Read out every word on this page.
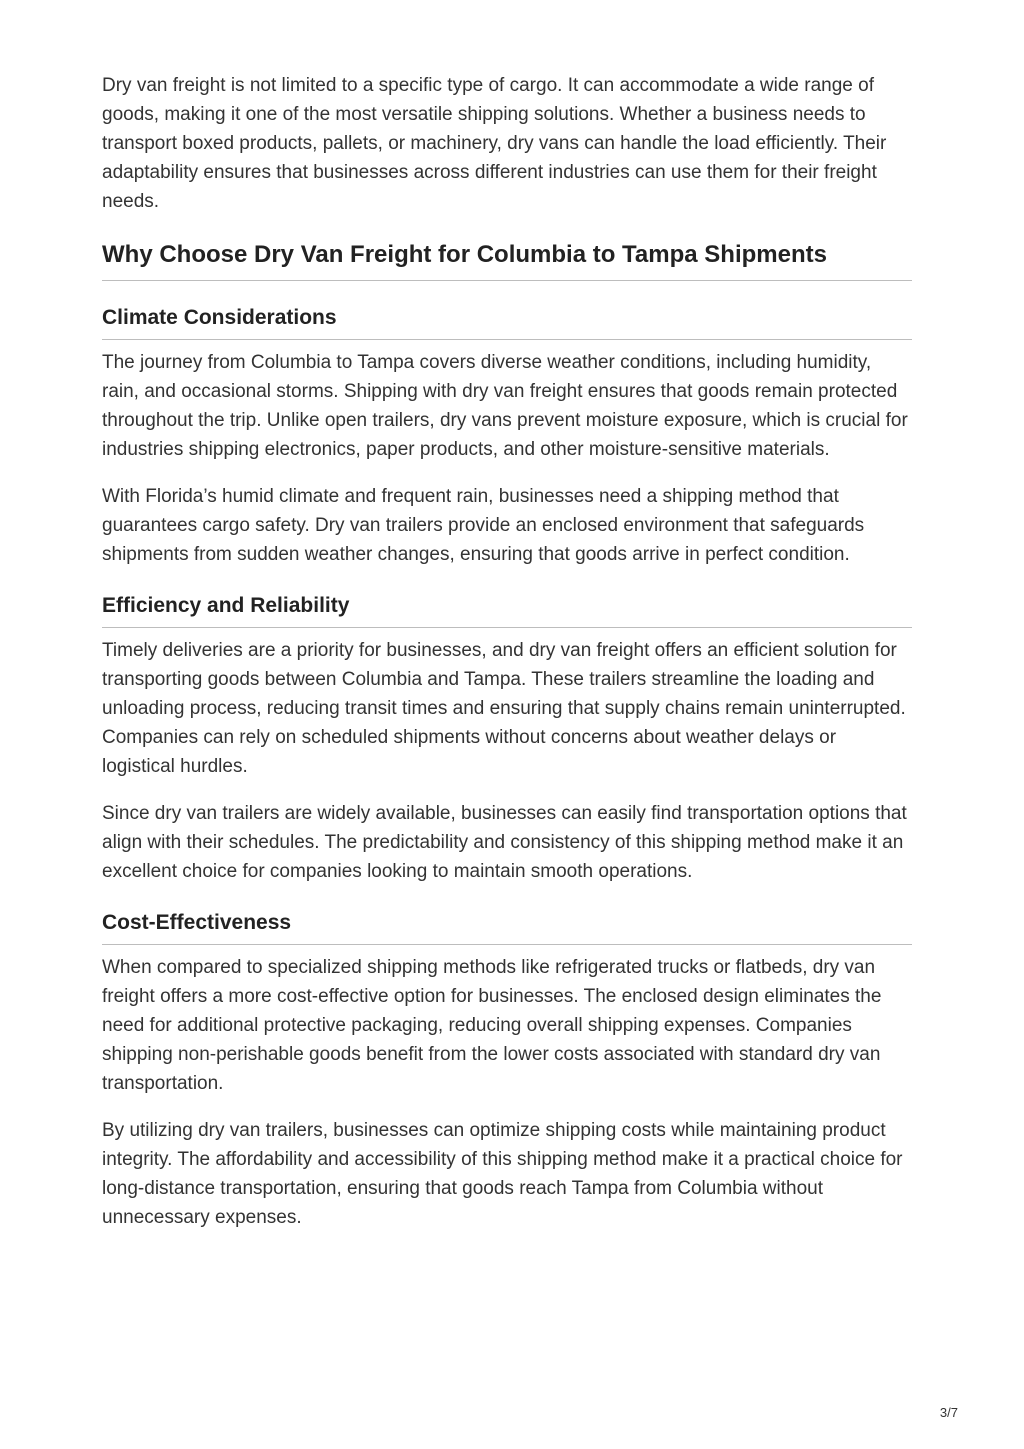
Dry van freight is not limited to a specific type of cargo. It can accommodate a wide range of goods, making it one of the most versatile shipping solutions. Whether a business needs to transport boxed products, pallets, or machinery, dry vans can handle the load efficiently. Their adaptability ensures that businesses across different industries can use them for their freight needs.

Why Choose Dry Van Freight for Columbia to Tampa Shipments
Climate Considerations

The journey from Columbia to Tampa covers diverse weather conditions, including humidity, rain, and occasional storms. Shipping with dry van freight ensures that goods remain protected throughout the trip. Unlike open trailers, dry vans prevent moisture exposure, which is crucial for industries shipping electronics, paper products, and other moisture-sensitive materials.

With Florida’s humid climate and frequent rain, businesses need a shipping method that guarantees cargo safety. Dry van trailers provide an enclosed environment that safeguards shipments from sudden weather changes, ensuring that goods arrive in perfect condition.

Efficiency and Reliability

Timely deliveries are a priority for businesses, and dry van freight offers an efficient solution for transporting goods between Columbia and Tampa. These trailers streamline the loading and unloading process, reducing transit times and ensuring that supply chains remain uninterrupted. Companies can rely on scheduled shipments without concerns about weather delays or logistical hurdles.

Since dry van trailers are widely available, businesses can easily find transportation options that align with their schedules. The predictability and consistency of this shipping method make it an excellent choice for companies looking to maintain smooth operations.

Cost-Effectiveness

When compared to specialized shipping methods like refrigerated trucks or flatbeds, dry van freight offers a more cost-effective option for businesses. The enclosed design eliminates the need for additional protective packaging, reducing overall shipping expenses. Companies shipping non-perishable goods benefit from the lower costs associated with standard dry van transportation.

By utilizing dry van trailers, businesses can optimize shipping costs while maintaining product integrity. The affordability and accessibility of this shipping method make it a practical choice for long-distance transportation, ensuring that goods reach Tampa from Columbia without unnecessary expenses.

3/7
